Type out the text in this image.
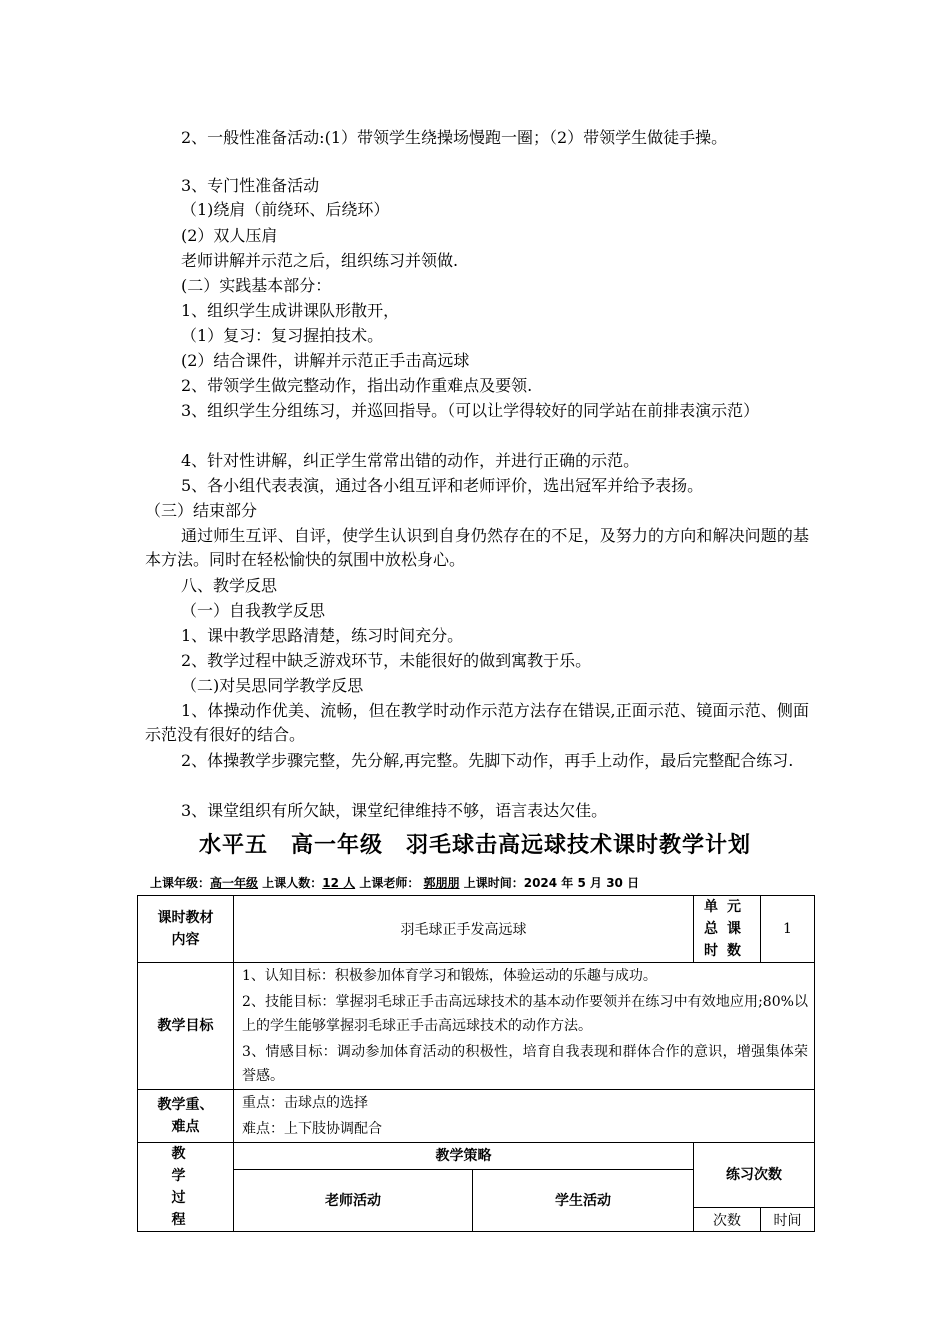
2、一般性准备活动:(1）带领学生绕操场慢跑一圈；（2）带领学生做徒手操。
3、专门性准备活动
（1)绕肩（前绕环、后绕环）
(2）双人压肩
老师讲解并示范之后，组织练习并领做.
(二）实践基本部分：
1、组织学生成讲课队形散开，
（1）复习：复习握拍技术。
(2）结合课件，讲解并示范正手击高远球
2、带领学生做完整动作，指出动作重难点及要领.
3、组织学生分组练习，并巡回指导。（可以让学得较好的同学站在前排表演示范）
4、针对性讲解，纠正学生常常出错的动作，并进行正确的示范。
5、各小组代表表演，通过各小组互评和老师评价，选出冠军并给予表扬。
（三）结束部分
通过师生互评、自评，使学生认识到自身仍然存在的不足，及努力的方向和解决问题的基本方法。同时在轻松愉快的氛围中放松身心。
八、教学反思
（一）自我教学反思
1、课中教学思路清楚，练习时间充分。
2、教学过程中缺乏游戏环节，未能很好的做到寓教于乐。
（二)对吴思同学教学反思
1、体操动作优美、流畅，但在教学时动作示范方法存在错误,正面示范、镜面示范、侧面示范没有很好的结合。
2、体操教学步骤完整，先分解,再完整。先脚下动作，再手上动作，最后完整配合练习.
3、课堂组织有所欠缺，课堂纪律维持不够，语言表达欠佳。
水平五　高一年级　羽毛球击高远球技术课时教学计划
上课年级：高一年级 上课人数：12 人 上课老师： 郭朋朋 上课时间：2024 年 5 月 30 日
课时教材内容	羽毛球正手发高远球		单元总课时数	1
教学目标	1、认知目标：积极参加体育学习和锻炼，体验运动的乐趣与成功。
2、技能目标：掌握羽毛球正手击高远球技术的基本动作要领并在练习中有效地应用;80%以上的学生能够掌握羽毛球正手击高远球技术的动作方法。
3、情感目标：调动参加体育活动的积极性，培育自我表现和群体合作的意识，增强集体荣誉感。			

教学重、难点	重点：击球点的选择
难点：上下肢协调配合			

教学过程	教学策略		练习次数	
	老师活动	学生活动		
			次数	时间
